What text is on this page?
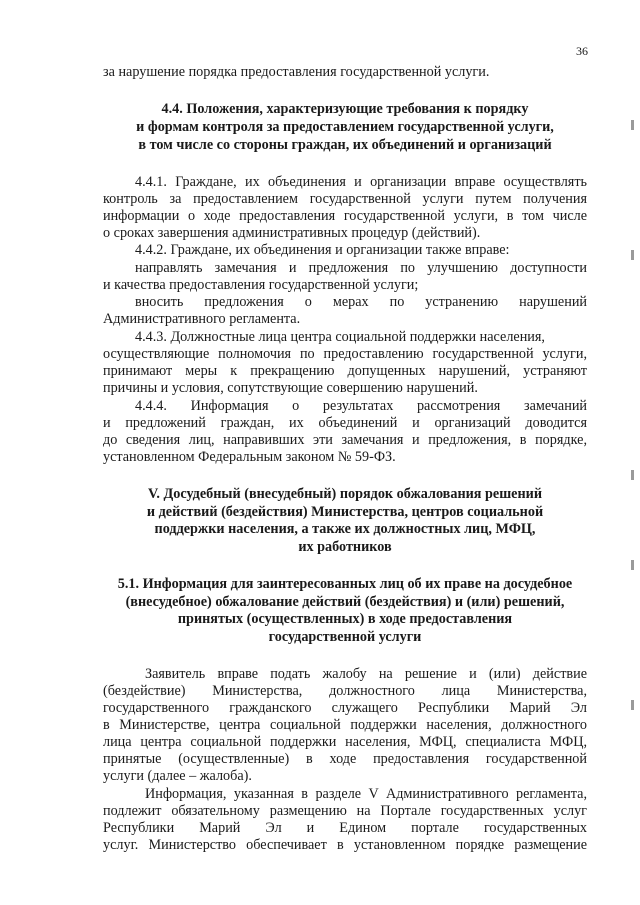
36
за нарушение порядка предоставления государственной услуги.
4.4. Положения, характеризующие требования к порядку
и формам контроля за предоставлением государственной услуги,
в том числе со стороны граждан, их объединений и организаций
4.4.1. Граждане, их объединения и организации вправе осуществлять
контроль за предоставлением государственной услуги путем получения
информации о ходе предоставления государственной услуги, в том числе
о сроках завершения административных процедур (действий).
4.4.2. Граждане, их объединения и организации также вправе:
направлять замечания и предложения по улучшению доступности
и качества предоставления государственной услуги;
вносить предложения о мерах по устранению нарушений
Административного регламента.
4.4.3. Должностные лица центра социальной поддержки населения,
осуществляющие полномочия по предоставлению государственной услуги,
принимают меры к прекращению допущенных нарушений, устраняют
причины и условия, сопутствующие совершению нарушений.
4.4.4. Информация о результатах рассмотрения замечаний
и предложений граждан, их объединений и организаций доводится
до сведения лиц, направивших эти замечания и предложения, в порядке,
установленном Федеральным законом № 59-ФЗ.
V. Досудебный (внесудебный) порядок обжалования решений
и действий (бездействия) Министерства, центров социальной
поддержки населения, а также их должностных лиц, МФЦ,
их работников
5.1. Информация для заинтересованных лиц об их праве на досудебное
(внесудебное) обжалование действий (бездействия) и (или) решений,
принятых (осуществленных) в ходе предоставления
государственной услуги
Заявитель вправе подать жалобу на решение и (или) действие
(бездействие) Министерства, должностного лица Министерства,
государственного гражданского служащего Республики Марий Эл
в Министерстве, центра социальной поддержки населения, должностного
лица центра социальной поддержки населения, МФЦ, специалиста МФЦ,
принятые (осуществленные) в ходе предоставления государственной
услуги (далее – жалоба).
Информация, указанная в разделе V Административного регламента,
подлежит обязательному размещению на Портале государственных услуг
Республики Марий Эл и Едином портале государственных
услуг. Министерство обеспечивает в установленном порядке размещение
